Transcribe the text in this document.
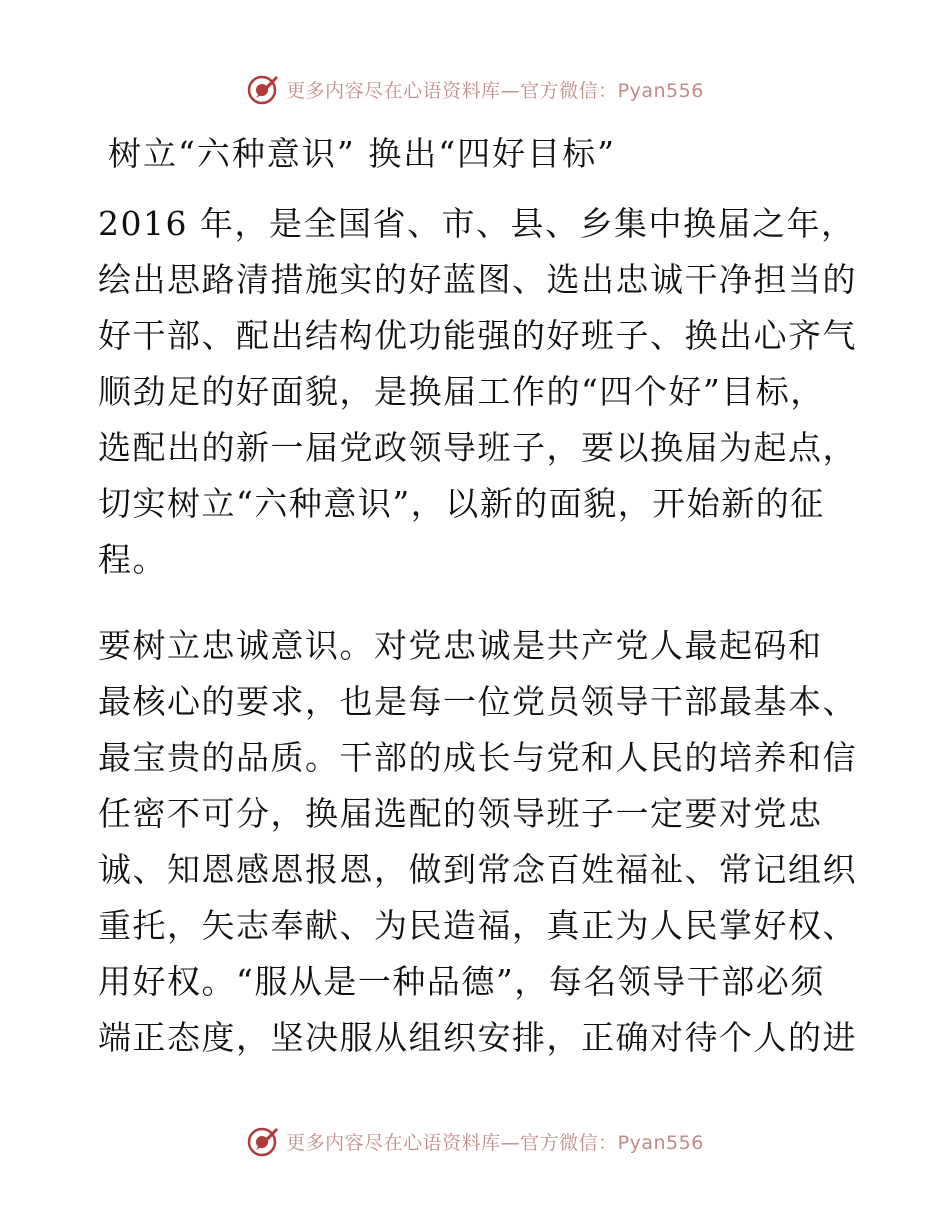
更多内容尽在心语资料库—官方微信：Pyan556
树立“六种意识” 换出“四好目标”
2016 年，是全国省、市、县、乡集中换届之年，
绘出思路清措施实的好蓝图、选出忠诚干净担当的
好干部、配出结构优功能强的好班子、换出心齐气
顺劲足的好面貌，是换届工作的“四个好”目标，
选配出的新一届党政领导班子，要以换届为起点，
切实树立“六种意识”，以新的面貌，开始新的征
程。
要树立忠诚意识。对党忠诚是共产党人最起码和
最核心的要求，也是每一位党员领导干部最基本、
最宝贵的品质。干部的成长与党和人民的培养和信
任密不可分，换届选配的领导班子一定要对党忠
诚、知恩感恩报恩，做到常念百姓福祉、常记组织
重托，矢志奉献、为民造福，真正为人民掌好权、
用好权。“服从是一种品德”，每名领导干部必须
端正态度，坚决服从组织安排，正确对待个人的进
更多内容尽在心语资料库—官方微信：Pyan556
